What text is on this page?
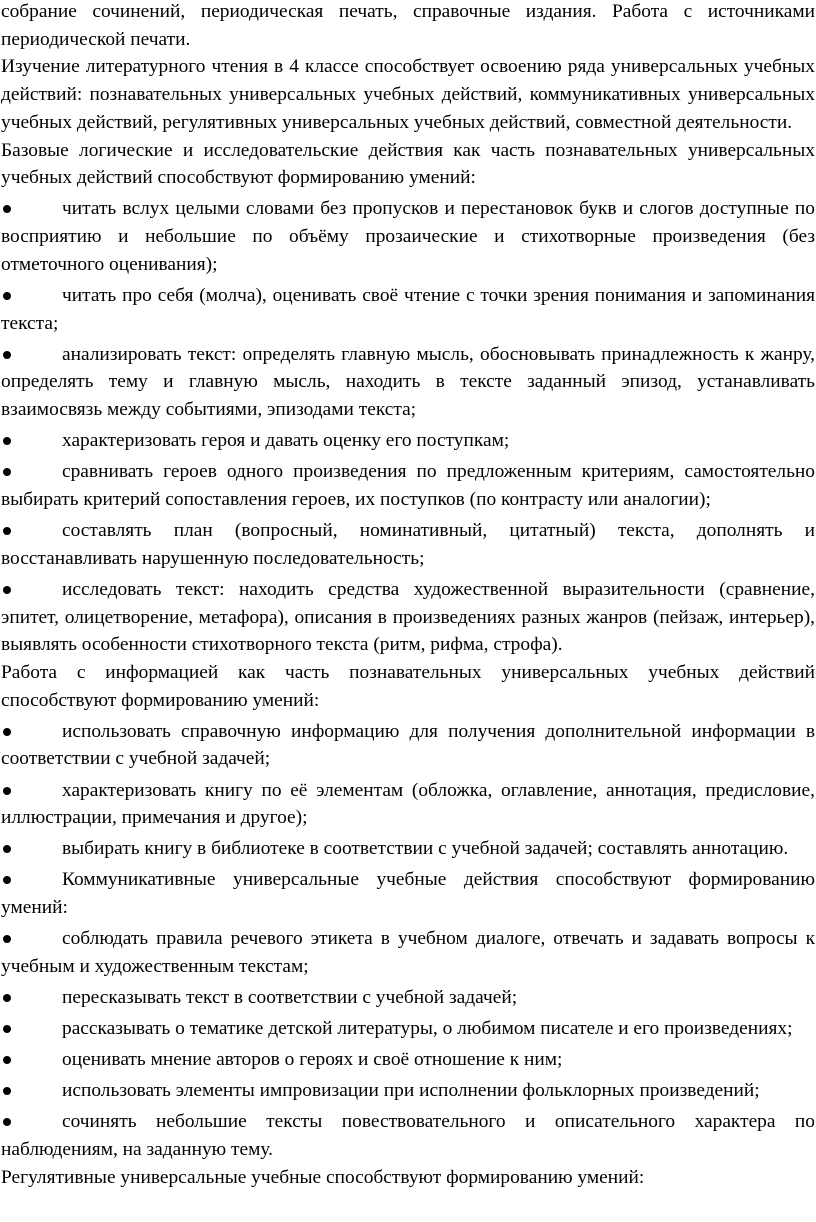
собрание сочинений, периодическая печать, справочные издания. Работа с источниками периодической печати.

Изучение литературного чтения в 4 классе способствует освоению ряда универсальных учебных действий: познавательных универсальных учебных действий, коммуникативных универсальных учебных действий, регулятивных универсальных учебных действий, совместной деятельности.

Базовые логические и исследовательские действия как часть познавательных универсальных учебных действий способствуют формированию умений:

читать вслух целыми словами без пропусков и перестановок букв и слогов доступные по восприятию и небольшие по объёму прозаические и стихотворные произведения (без отметочного оценивания);
читать про себя (молча), оценивать своё чтение с точки зрения понимания и запоминания текста;
анализировать текст: определять главную мысль, обосновывать принадлежность к жанру, определять тему и главную мысль, находить в тексте заданный эпизод, устанавливать взаимосвязь между событиями, эпизодами текста;
характеризовать героя и давать оценку его поступкам;
сравнивать героев одного произведения по предложенным критериям, самостоятельно выбирать критерий сопоставления героев, их поступков (по контрасту или аналогии);
составлять план (вопросный, номинативный, цитатный) текста, дополнять и восстанавливать нарушенную последовательность;
исследовать текст: находить средства художественной выразительности (сравнение, эпитет, олицетворение, метафора), описания в произведениях разных жанров (пейзаж, интерьер), выявлять особенности стихотворного текста (ритм, рифма, строфа).

Работа с информацией как часть познавательных универсальных учебных действий способствуют формированию умений:

использовать справочную информацию для получения дополнительной информации в соответствии с учебной задачей;
характеризовать книгу по её элементам (обложка, оглавление, аннотация, предисловие, иллюстрации, примечания и другое);
выбирать книгу в библиотеке в соответствии с учебной задачей; составлять аннотацию.
Коммуникативные универсальные учебные действия способствуют формированию умений:
соблюдать правила речевого этикета в учебном диалоге, отвечать и задавать вопросы к учебным и художественным текстам;
пересказывать текст в соответствии с учебной задачей;
рассказывать о тематике детской литературы, о любимом писателе и его произведениях;
оценивать мнение авторов о героях и своё отношение к ним;
использовать элементы импровизации при исполнении фольклорных произведений;
сочинять небольшие тексты повествовательного и описательного характера по наблюдениям, на заданную тему.

Регулятивные универсальные учебные способствуют формированию умений:
